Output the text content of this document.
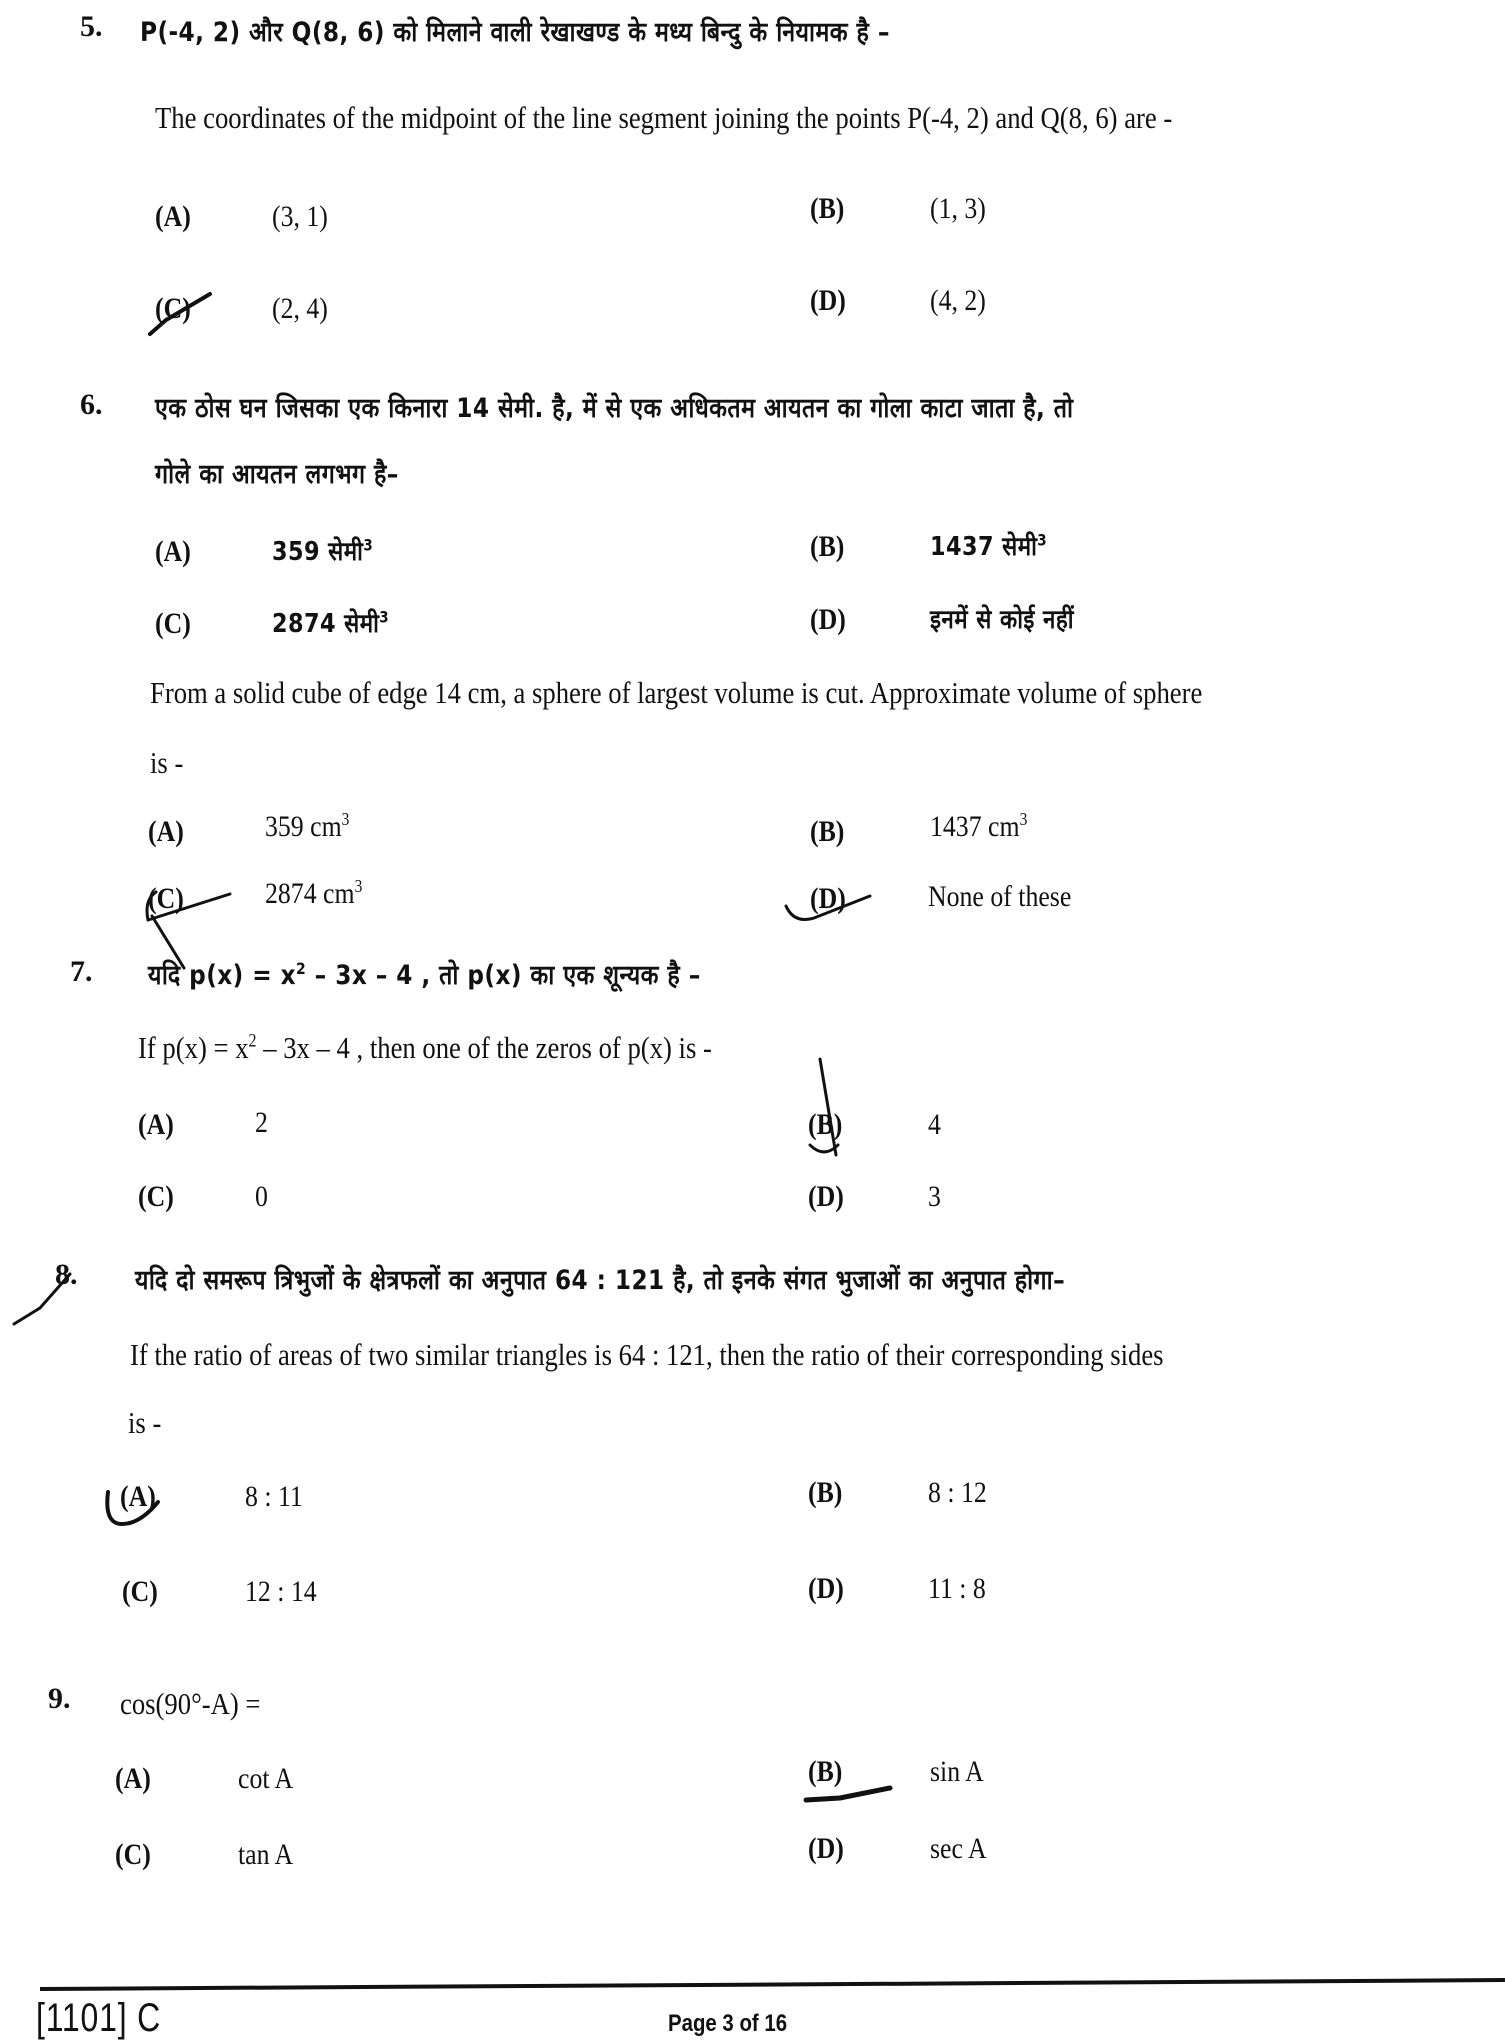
5. P(-4, 2) और Q(8, 6) को मिलाने वाली रेखाखण्ड के मध्य बिन्दु के नियामक है –
The coordinates of the midpoint of the line segment joining the points P(-4, 2) and Q(8, 6) are -
(A)	(3, 1)	(B)	(1, 3)
(C)	(2, 4)	(D)	(4, 2)
6. एक ठोस घन जिसका एक किनारा 14 सेमी. है, में से एक अधिकतम आयतन का गोला काटा जाता है, तो
गोले का आयतन लगभग है–
(A)	359 सेमी$^3$	(B)	1437 सेमी$^3$
(C)	2874 सेमी$^3$	(D)	इनमें से कोई नहीं
From a solid cube of edge 14 cm, a sphere of largest volume is cut. Approximate volume of sphere
is -
(A)	359 $cm^3$	(B)	1437 $cm^3$
(C)	2874 $cm^3$	(D)	None of these
7. यदि $p(x) = x^2 - 3x - 4$ , तो p(x) का एक शून्यक है –
If $p(x) = x^2 - 3x - 4$ , then one of the zeros of p(x) is -
(A)	2	(B)	4
(C)	0	(D)	3
8. यदि दो समरूप त्रिभुजों के क्षेत्रफलों का अनुपात 64 : 121 है, तो इनके संगत भुजाओं का अनुपात होगा–
If the ratio of areas of two similar triangles is 64 : 121, then the ratio of their corresponding sides
is -
(A)	8 : 11	(B)	8 : 12
(C)	12 : 14	(D)	11 : 8
9. cos(90°-A) =
(A)	cot A	(B)	sin A
(C)	tan A	(D)	sec A
[1101] C	Page 3 of 16
